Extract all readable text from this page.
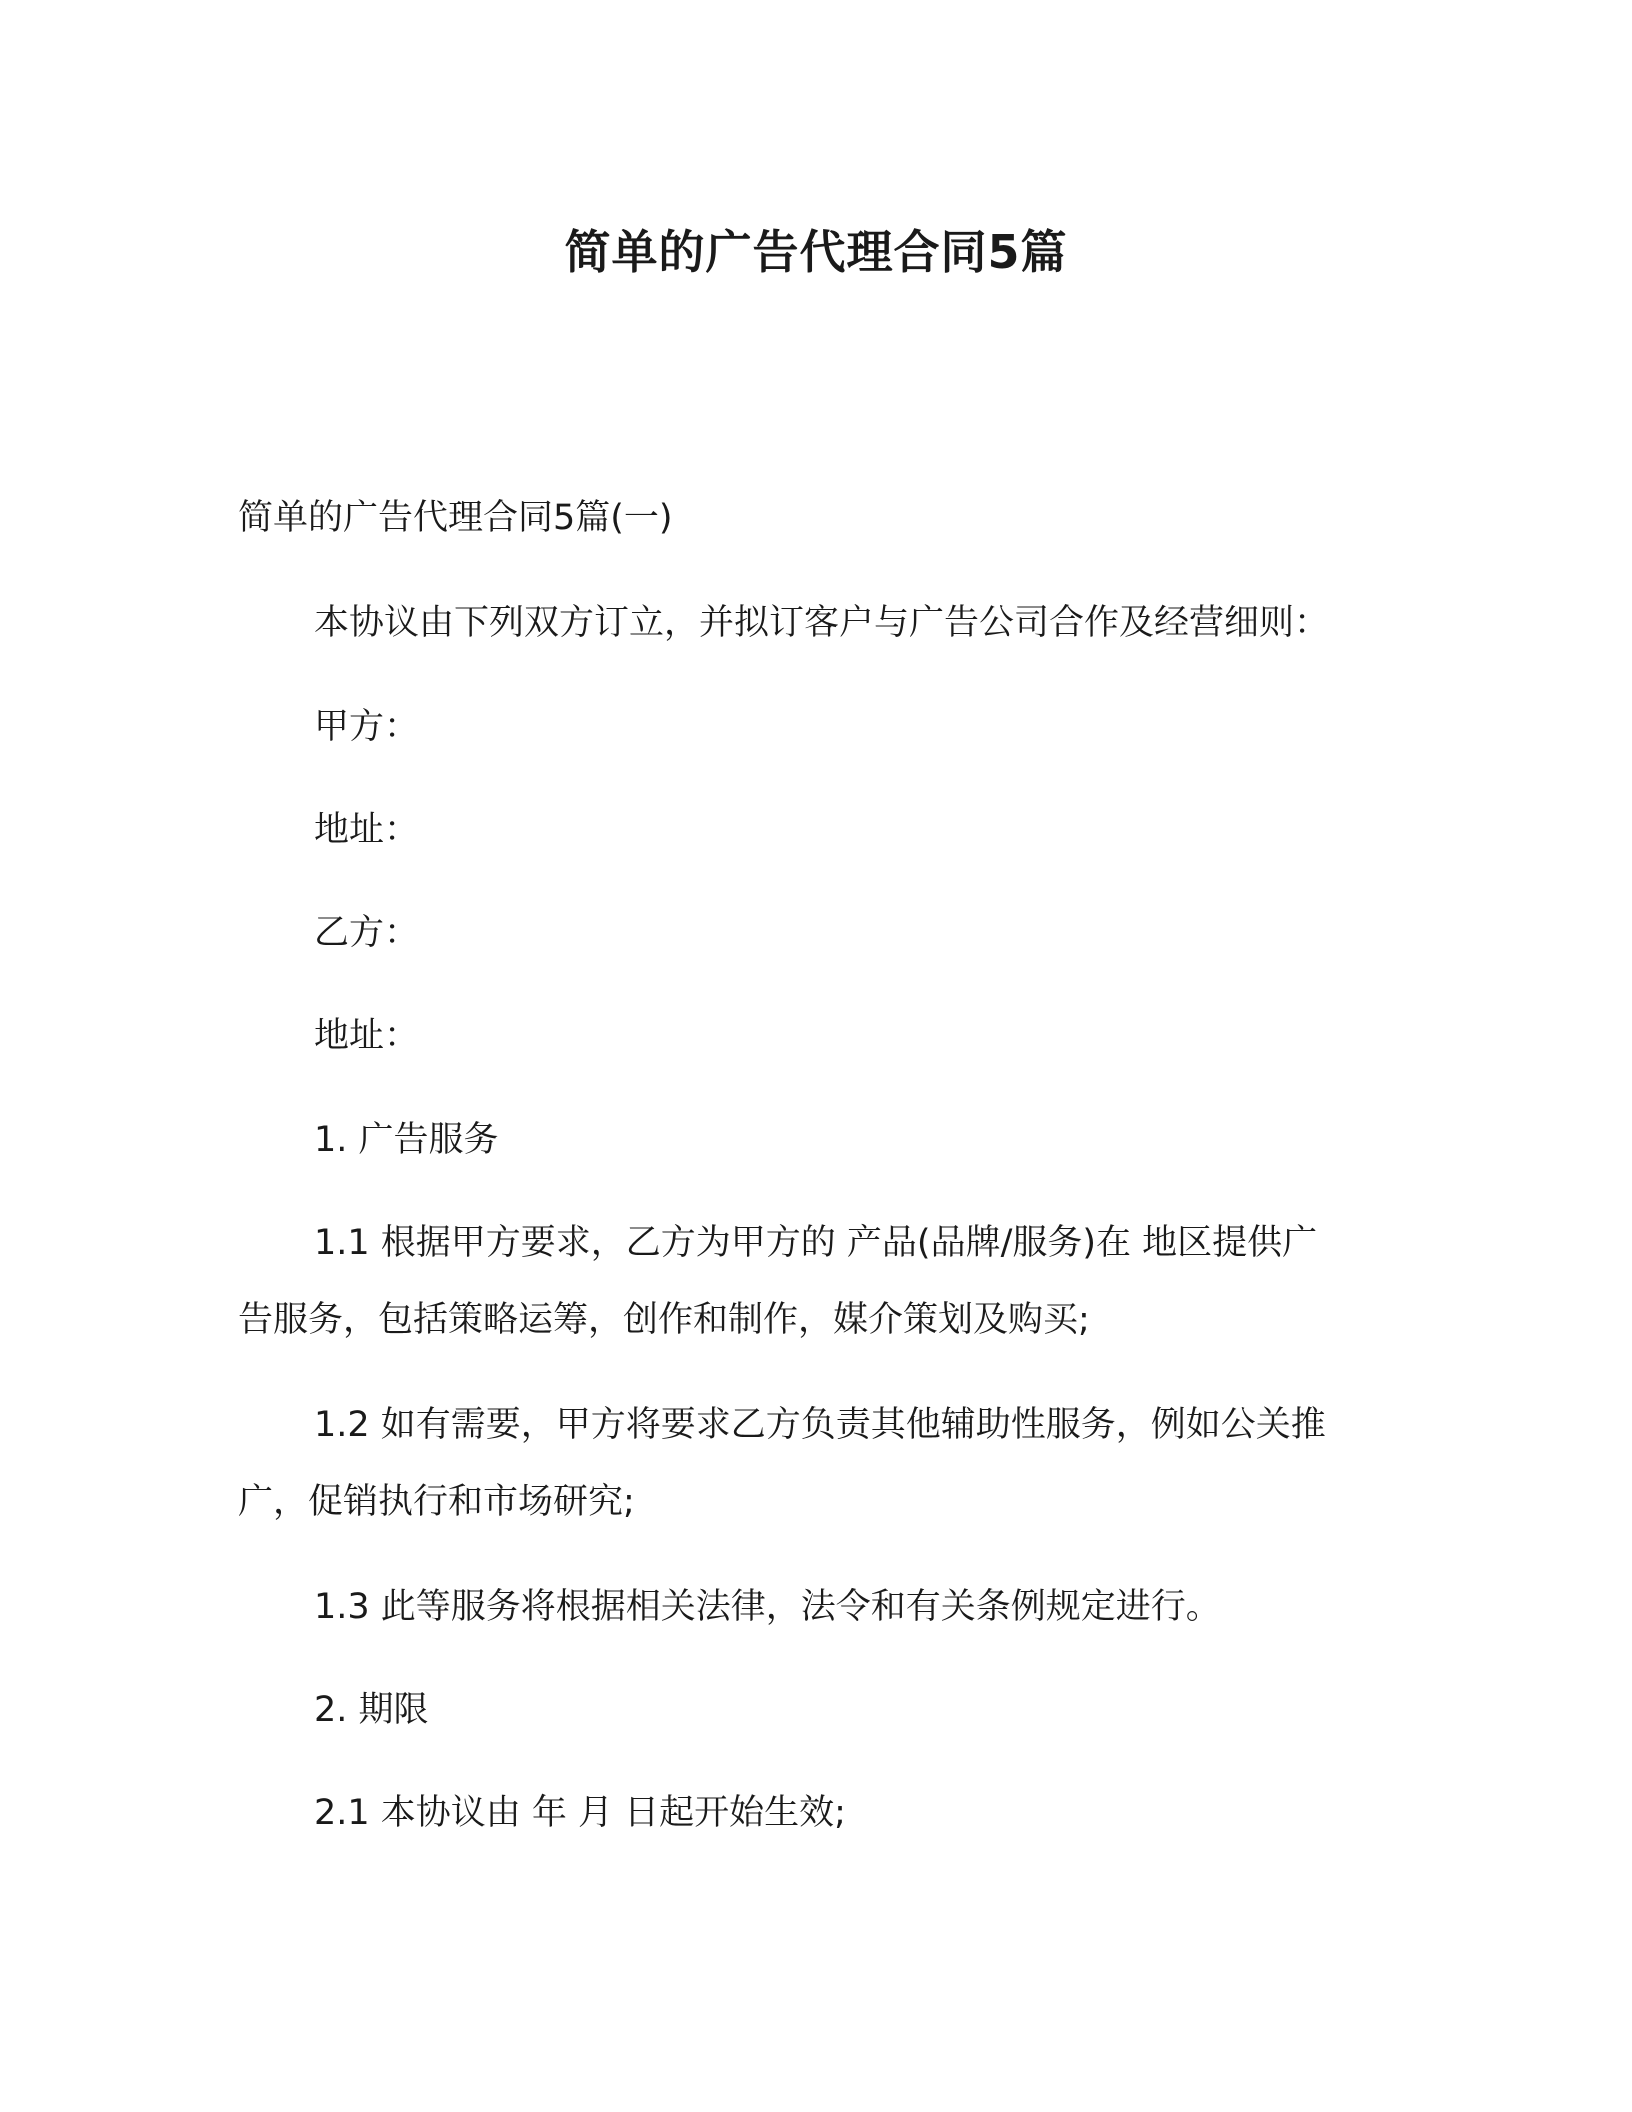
简单的广告代理合同5篇
简单的广告代理合同5篇(一)
本协议由下列双方订立，并拟订客户与广告公司合作及经营细则：
甲方：
地址：
乙方：
地址：
1. 广告服务
1.1 根据甲方要求，乙方为甲方的 产品(品牌/服务)在 地区提供广
告服务，包括策略运筹，创作和制作，媒介策划及购买;
1.2 如有需要，甲方将要求乙方负责其他辅助性服务，例如公关推
广，促销执行和市场研究;
1.3 此等服务将根据相关法律，法令和有关条例规定进行。
2. 期限
2.1 本协议由 年 月 日起开始生效;
